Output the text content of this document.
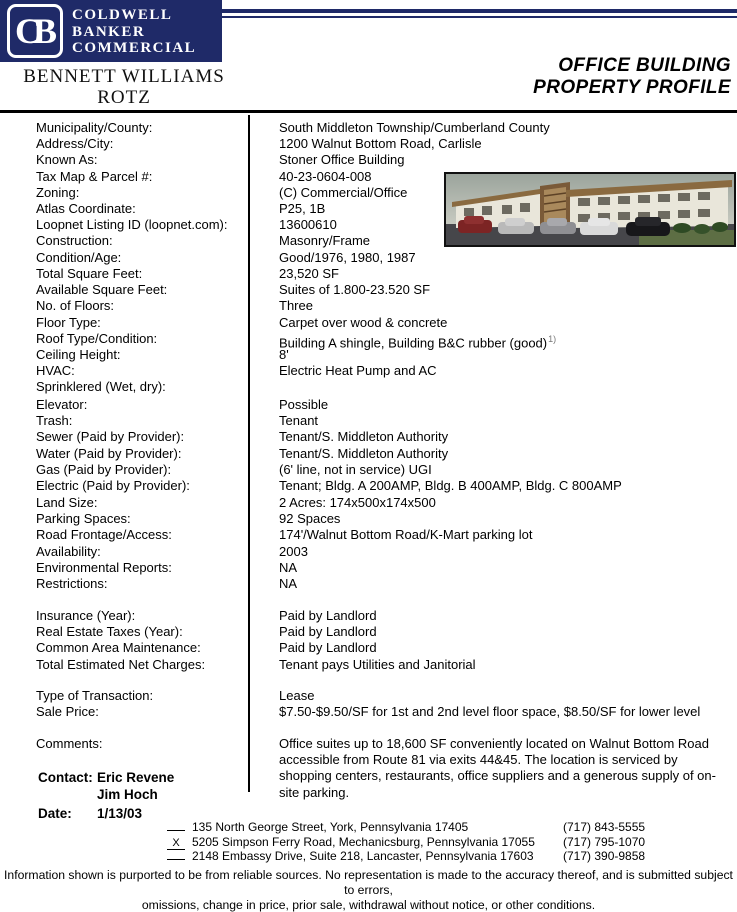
CB COLDWELL
BANKER
COMMERCIAL
BENNETT WILLIAMS
ROTZ
OFFICE BUILDING
PROPERTY PROFILE
Municipality/County:	South Middleton Township/Cumberland County
Address/City:	1200 Walnut Bottom Road, Carlisle
Known As:	Stoner Office Building
Tax Map & Parcel #:	40-23-0604-008
Zoning:	(C) Commercial/Office
Atlas Coordinate:	P25, 1B
Loopnet Listing ID (loopnet.com):	13600610
Construction:	Masonry/Frame
Condition/Age:	Good/1976, 1980, 1987
Total Square Feet:	23,520 SF
Available Square Feet:	Suites of 1.800-23.520 SF
No. of Floors:	Three
Floor Type:	Carpet over wood & concrete
Roof Type/Condition:	Building A shingle, Building B&C rubber (good)$^{1)}$
Ceiling Height:	8'
HVAC:	Electric Heat Pump and AC
Sprinklered (Wet, dry):
Elevator:	Possible
Trash:	Tenant
Sewer (Paid by Provider):	Tenant/S. Middleton Authority
Water (Paid by Provider):	Tenant/S. Middleton Authority
Gas (Paid by Provider):	(6' line, not in service) UGI
Electric (Paid by Provider):	Tenant; Bldg. A 200AMP, Bldg. B 400AMP, Bldg. C 800AMP
Land Size:	2 Acres: 174x500x174x500
Parking Spaces:	92 Spaces
Road Frontage/Access:	174'/Walnut Bottom Road/K-Mart parking lot
Availability:	2003
Environmental Reports:	NA
Restrictions:	NA
Insurance (Year):	Paid by Landlord
Real Estate Taxes (Year):	Paid by Landlord
Common Area Maintenance:	Paid by Landlord
Total Estimated Net Charges:	Tenant pays Utilities and Janitorial
Type of Transaction:	Lease
Sale Price:	$7.50-$9.50/SF for 1st and 2nd level floor space, $8.50/SF for lower level
Comments:	Office suites up to 18,600 SF conveniently located on Walnut Bottom Road accessible from Route 81 via exits 44&45. The location is serviced by shopping centers, restaurants, office suppliers and a generous supply of on-site parking.
Contact: Eric Revene
Jim Hoch
Date: 1/13/03
135 North George Street, York, Pennsylvania 17405	(717) 843-5555
X	5205 Simpson Ferry Road, Mechanicsburg, Pennsylvania 17055	(717) 795-1070
2148 Embassy Drive, Suite 218, Lancaster, Pennsylvania 17603	(717) 390-9858
Information shown is purported to be from reliable sources. No representation is made to the accuracy thereof, and is submitted subject to errors,
omissions, change in price, prior sale, withdrawal without notice, or other conditions.
